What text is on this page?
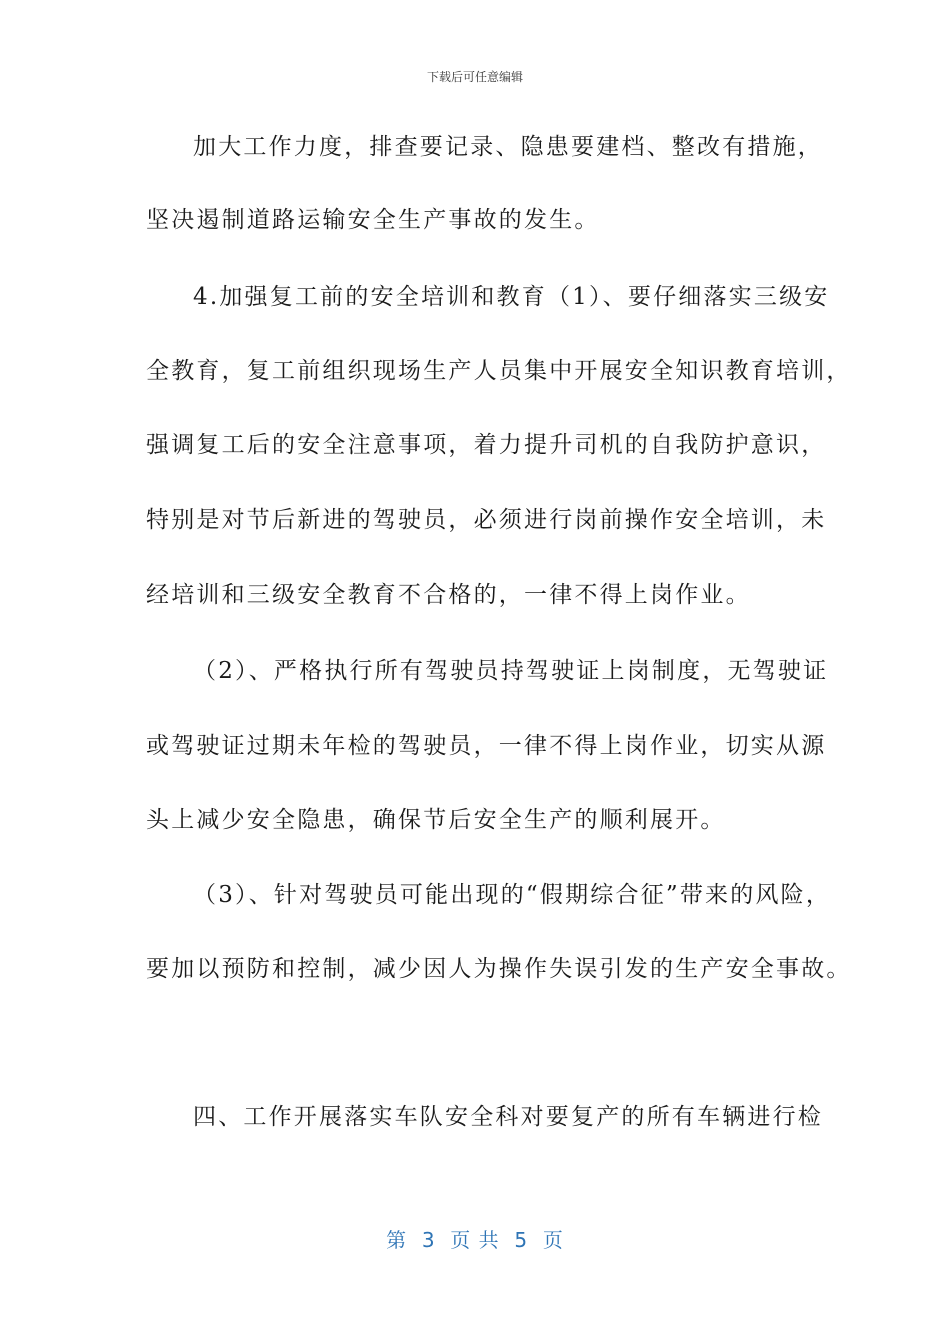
下载后可任意编辑
加大工作力度，排查要记录、隐患要建档、整改有措施，
坚决遏制道路运输安全生产事故的发生。
4.加强复工前的安全培训和教育（1）、要仔细落实三级安
全教育，复工前组织现场生产人员集中开展安全知识教育培训，
强调复工后的安全注意事项，着力提升司机的自我防护意识，
特别是对节后新进的驾驶员，必须进行岗前操作安全培训，未
经培训和三级安全教育不合格的，一律不得上岗作业。
（2）、严格执行所有驾驶员持驾驶证上岗制度，无驾驶证
或驾驶证过期未年检的驾驶员，一律不得上岗作业，切实从源
头上减少安全隐患，确保节后安全生产的顺利展开。
（3）、针对驾驶员可能出现的“假期综合征”带来的风险，
要加以预防和控制，减少因人为操作失误引发的生产安全事故。
四、工作开展落实车队安全科对要复产的所有车辆进行检
第  3  页 共  5  页
